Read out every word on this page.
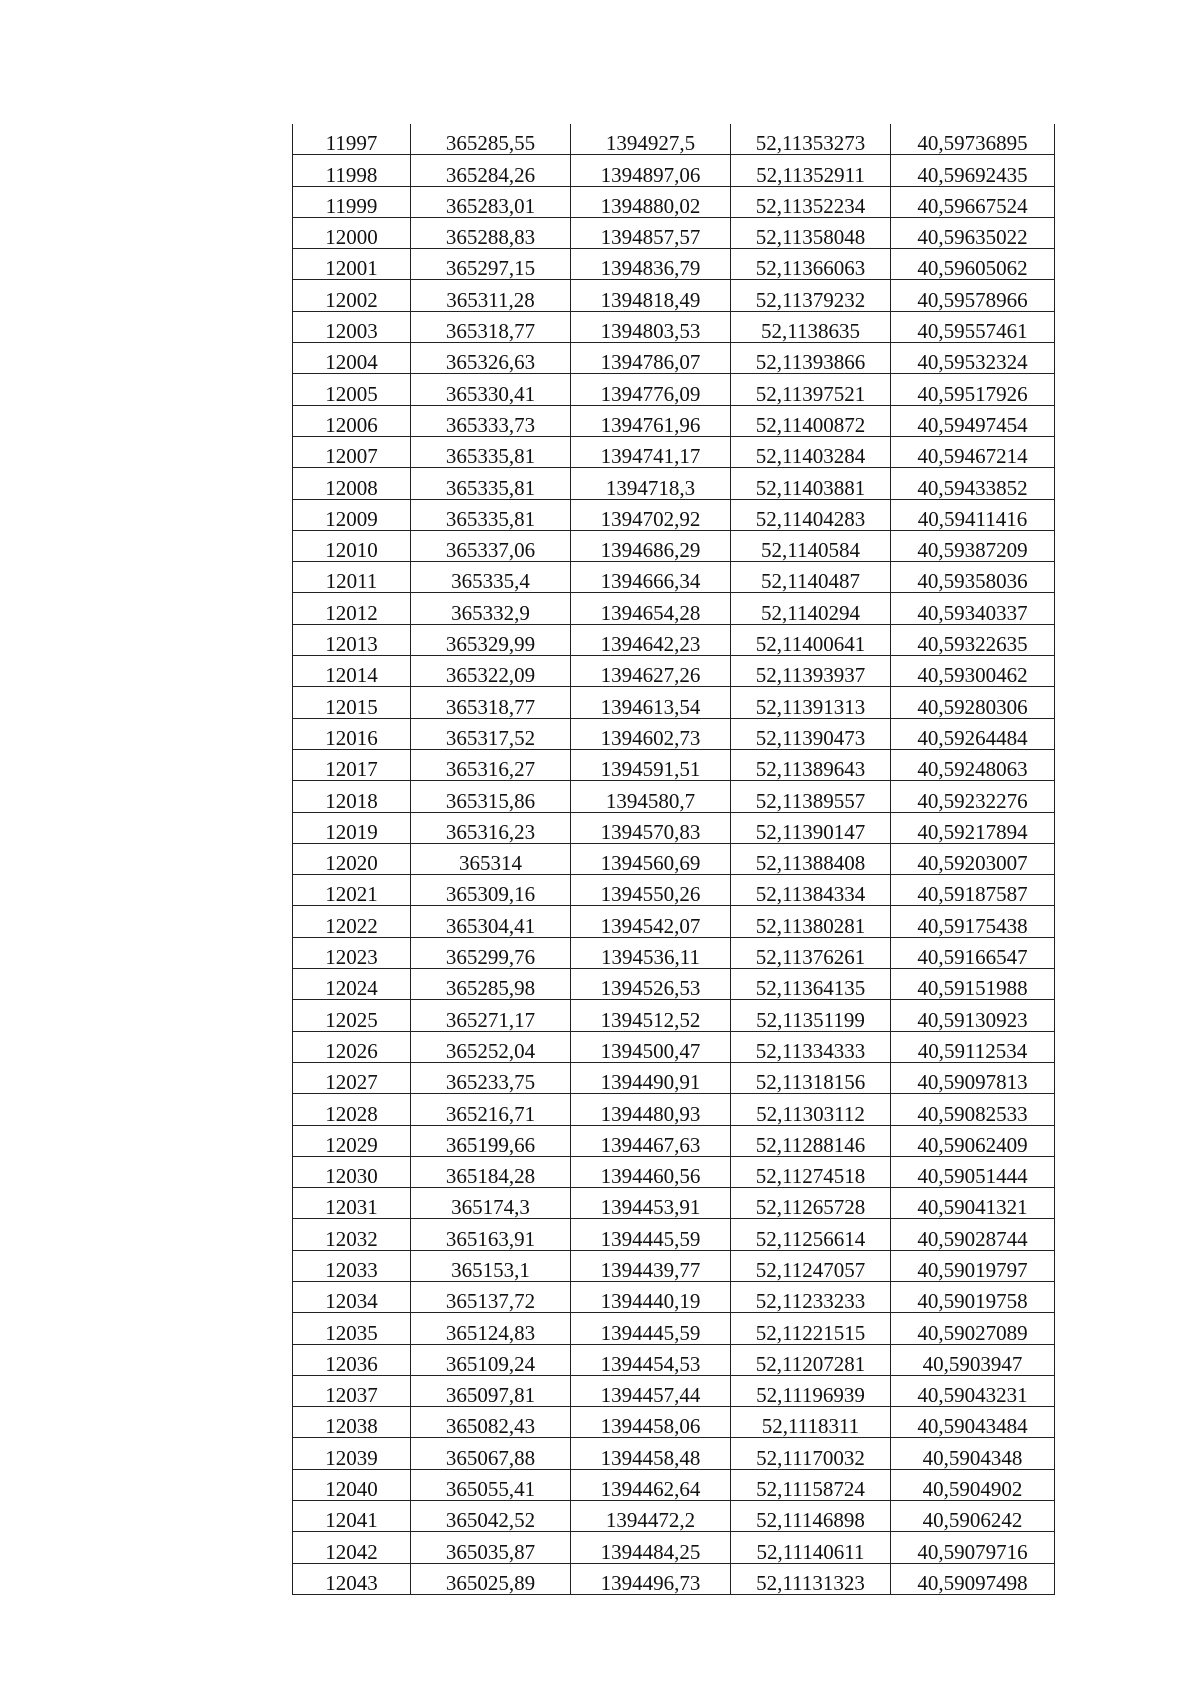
11997	365285,55	1394927,5	52,11353273	40,59736895
11998	365284,26	1394897,06	52,11352911	40,59692435
11999	365283,01	1394880,02	52,11352234	40,59667524
12000	365288,83	1394857,57	52,11358048	40,59635022
12001	365297,15	1394836,79	52,11366063	40,59605062
12002	365311,28	1394818,49	52,11379232	40,59578966
12003	365318,77	1394803,53	52,1138635	40,59557461
12004	365326,63	1394786,07	52,11393866	40,59532324
12005	365330,41	1394776,09	52,11397521	40,59517926
12006	365333,73	1394761,96	52,11400872	40,59497454
12007	365335,81	1394741,17	52,11403284	40,59467214
12008	365335,81	1394718,3	52,11403881	40,59433852
12009	365335,81	1394702,92	52,11404283	40,59411416
12010	365337,06	1394686,29	52,1140584	40,59387209
12011	365335,4	1394666,34	52,1140487	40,59358036
12012	365332,9	1394654,28	52,1140294	40,59340337
12013	365329,99	1394642,23	52,11400641	40,59322635
12014	365322,09	1394627,26	52,11393937	40,59300462
12015	365318,77	1394613,54	52,11391313	40,59280306
12016	365317,52	1394602,73	52,11390473	40,59264484
12017	365316,27	1394591,51	52,11389643	40,59248063
12018	365315,86	1394580,7	52,11389557	40,59232276
12019	365316,23	1394570,83	52,11390147	40,59217894
12020	365314	1394560,69	52,11388408	40,59203007
12021	365309,16	1394550,26	52,11384334	40,59187587
12022	365304,41	1394542,07	52,11380281	40,59175438
12023	365299,76	1394536,11	52,11376261	40,59166547
12024	365285,98	1394526,53	52,11364135	40,59151988
12025	365271,17	1394512,52	52,11351199	40,59130923
12026	365252,04	1394500,47	52,11334333	40,59112534
12027	365233,75	1394490,91	52,11318156	40,59097813
12028	365216,71	1394480,93	52,11303112	40,59082533
12029	365199,66	1394467,63	52,11288146	40,59062409
12030	365184,28	1394460,56	52,11274518	40,59051444
12031	365174,3	1394453,91	52,11265728	40,59041321
12032	365163,91	1394445,59	52,11256614	40,59028744
12033	365153,1	1394439,77	52,11247057	40,59019797
12034	365137,72	1394440,19	52,11233233	40,59019758
12035	365124,83	1394445,59	52,11221515	40,59027089
12036	365109,24	1394454,53	52,11207281	40,5903947
12037	365097,81	1394457,44	52,11196939	40,59043231
12038	365082,43	1394458,06	52,1118311	40,59043484
12039	365067,88	1394458,48	52,11170032	40,5904348
12040	365055,41	1394462,64	52,11158724	40,5904902
12041	365042,52	1394472,2	52,11146898	40,5906242
12042	365035,87	1394484,25	52,11140611	40,59079716
12043	365025,89	1394496,73	52,11131323	40,59097498
